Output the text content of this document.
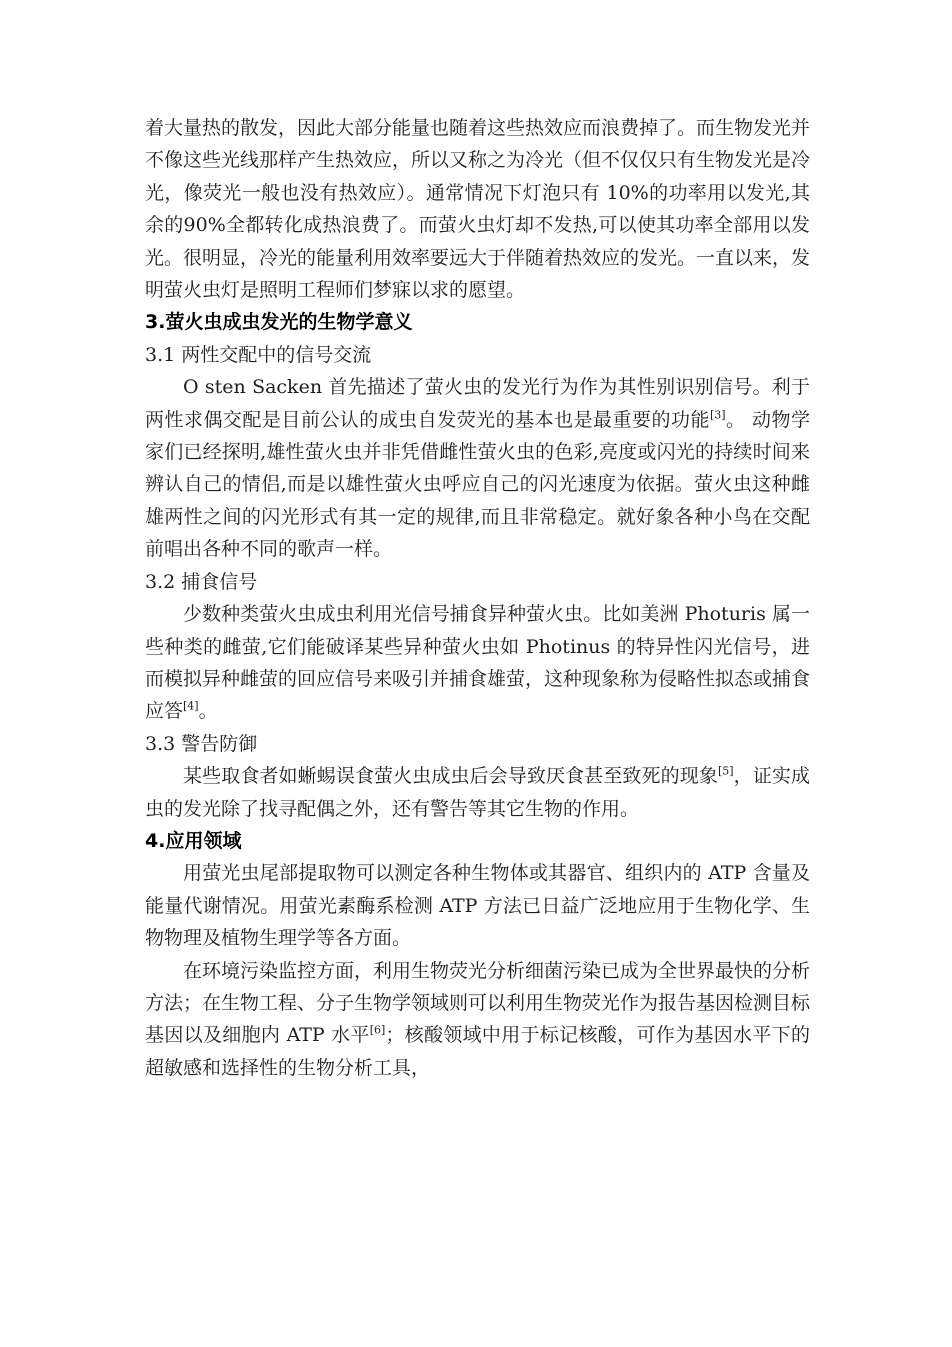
着大量热的散发，因此大部分能量也随着这些热效应而浪费掉了。而生物发光并不像这些光线那样产生热效应，所以又称之为冷光（但不仅仅只有生物发光是冷光，像荧光一般也没有热效应）。通常情况下灯泡只有 10%的功率用以发光,其余的90%全都转化成热浪费了。而萤火虫灯却不发热,可以使其功率全部用以发光。很明显，冷光的能量利用效率要远大于伴随着热效应的发光。一直以来，发明萤火虫灯是照明工程师们梦寐以求的愿望。

3.萤火虫成虫发光的生物学意义

3.1 两性交配中的信号交流

O sten Sacken 首先描述了萤火虫的发光行为作为其性别识别信号。利于两性求偶交配是目前公认的成虫自发荧光的基本也是最重要的功能[3]。 动物学家们已经探明,雄性萤火虫并非凭借雌性萤火虫的色彩,亮度或闪光的持续时间来辨认自己的情侣,而是以雄性萤火虫呼应自己的闪光速度为依据。萤火虫这种雌雄两性之间的闪光形式有其一定的规律,而且非常稳定。就好象各种小鸟在交配前唱出各种不同的歌声一样。

3.2 捕食信号

少数种类萤火虫成虫利用光信号捕食异种萤火虫。比如美洲 Photuris 属一些种类的雌萤,它们能破译某些异种萤火虫如 Photinus 的特异性闪光信号，进而模拟异种雌萤的回应信号来吸引并捕食雄萤，这种现象称为侵略性拟态或捕食应答[4]。

3.3 警告防御

某些取食者如蜥蜴误食萤火虫成虫后会导致厌食甚至致死的现象[5]，证实成虫的发光除了找寻配偶之外，还有警告等其它生物的作用。

4.应用领域

用萤光虫尾部提取物可以测定各种生物体或其器官、组织内的 ATP 含量及能量代谢情况。用萤光素酶系检测 ATP 方法已日益广泛地应用于生物化学、生物物理及植物生理学等各方面。

在环境污染监控方面，利用生物荧光分析细菌污染已成为全世界最快的分析方法；在生物工程、分子生物学领域则可以利用生物荧光作为报告基因检测目标基因以及细胞内 ATP 水平[6]；核酸领域中用于标记核酸，可作为基因水平下的超敏感和选择性的生物分析工具，
